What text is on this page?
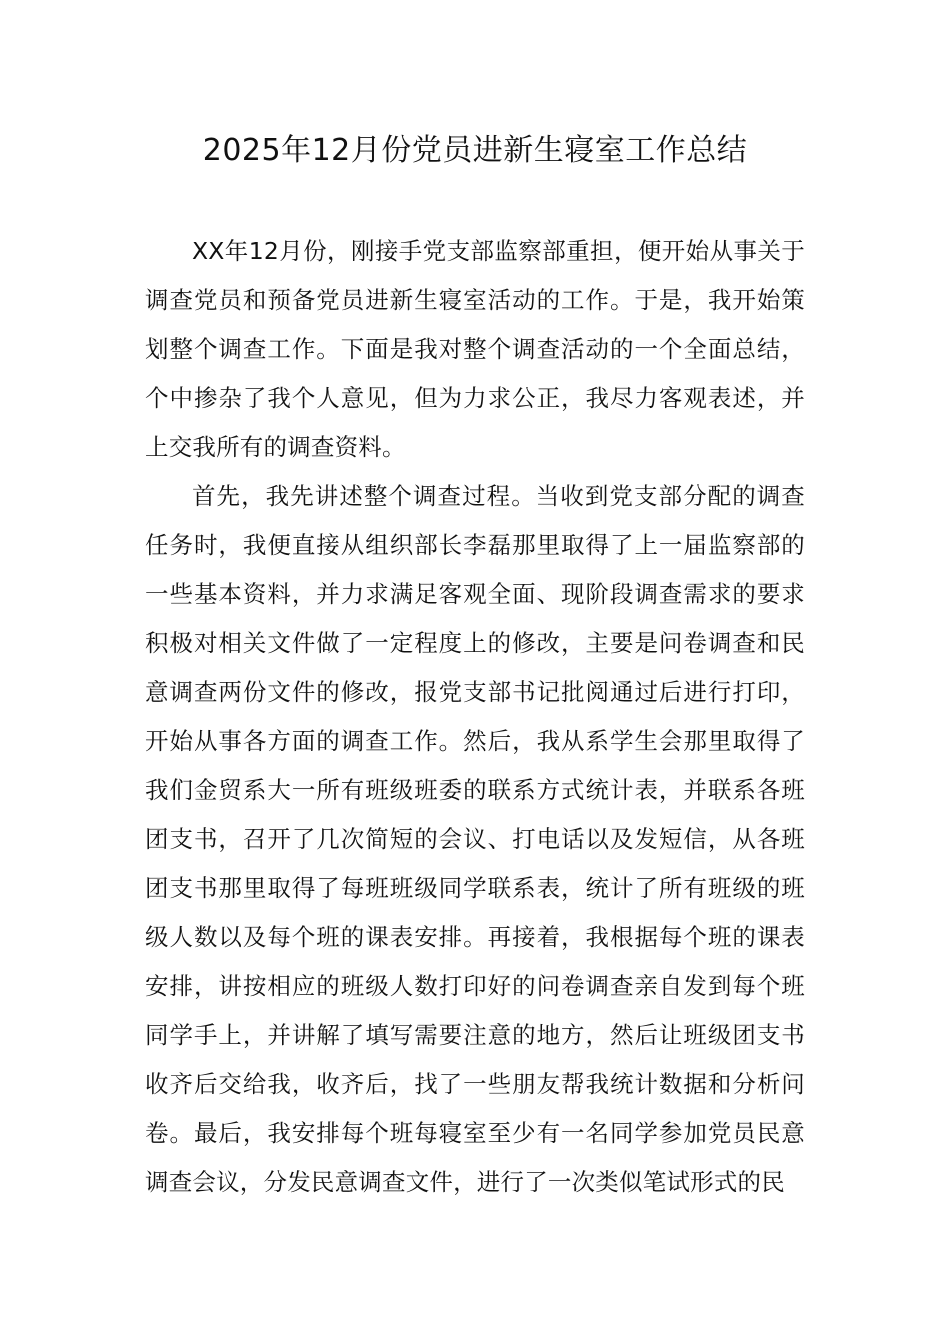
2025年12月份党员进新生寝室工作总结

XX年12月份，刚接手党支部监察部重担，便开始从事关于调查党员和预备党员进新生寝室活动的工作。于是，我开始策划整个调查工作。下面是我对整个调查活动的一个全面总结，个中掺杂了我个人意见，但为力求公正，我尽力客观表述，并上交我所有的调查资料。

首先，我先讲述整个调查过程。当收到党支部分配的调查任务时，我便直接从组织部长李磊那里取得了上一届监察部的一些基本资料，并力求满足客观全面、现阶段调查需求的要求积极对相关文件做了一定程度上的修改，主要是问卷调查和民意调查两份文件的修改，报党支部书记批阅通过后进行打印，开始从事各方面的调查工作。然后，我从系学生会那里取得了我们金贸系大一所有班级班委的联系方式统计表，并联系各班团支书，召开了几次简短的会议、打电话以及发短信，从各班团支书那里取得了每班班级同学联系表，统计了所有班级的班级人数以及每个班的课表安排。再接着，我根据每个班的课表安排，讲按相应的班级人数打印好的问卷调查亲自发到每个班同学手上，并讲解了填写需要注意的地方，然后让班级团支书收齐后交给我，收齐后，找了一些朋友帮我统计数据和分析问卷。最后，我安排每个班每寝室至少有一名同学参加党员民意调查会议，分发民意调查文件，进行了一次类似笔试形式的民
